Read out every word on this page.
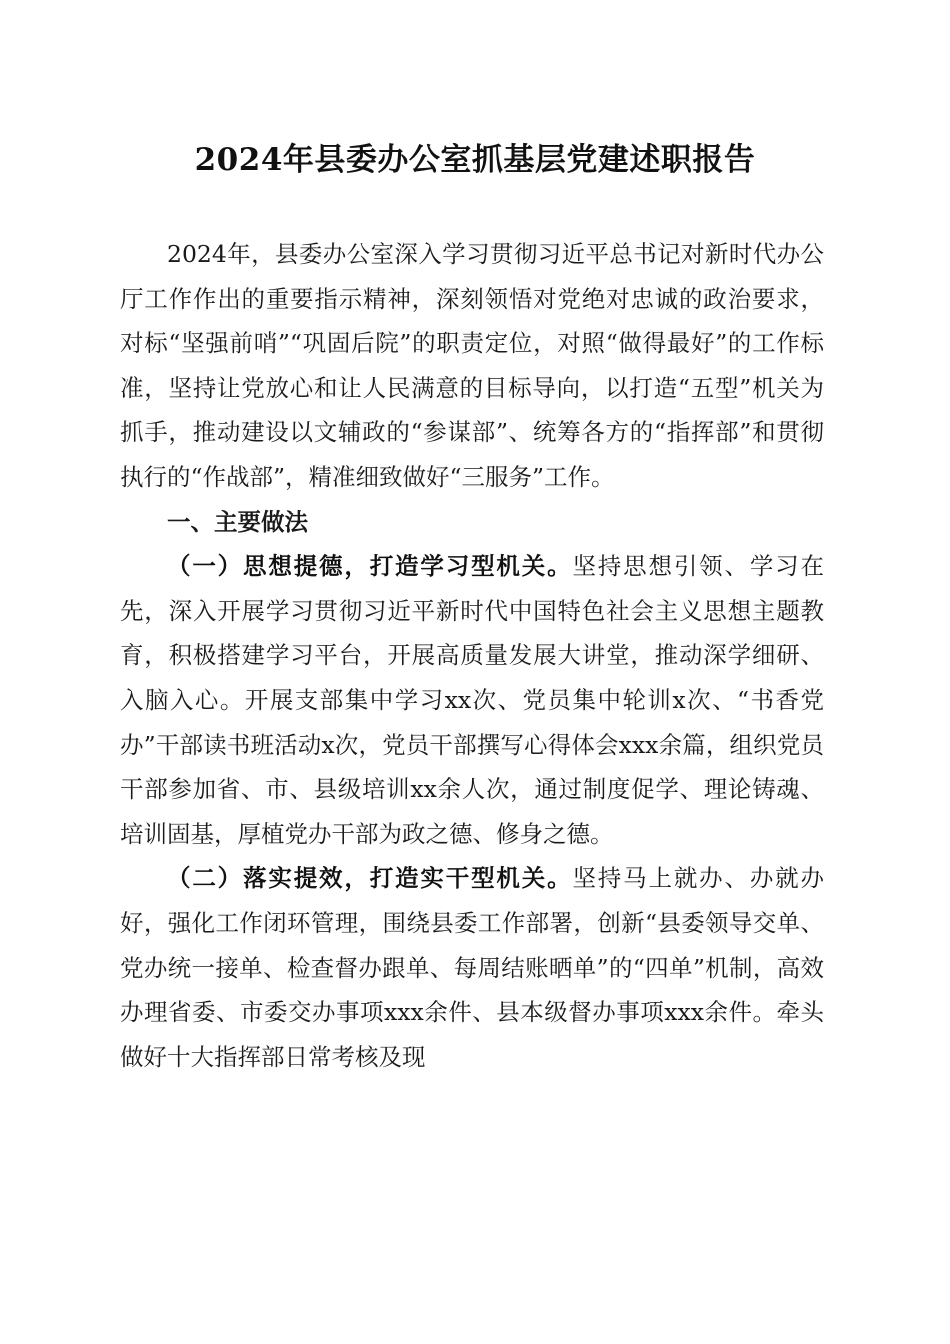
2024年县委办公室抓基层党建述职报告

2024年，县委办公室深入学习贯彻习近平总书记对新时代办公厅工作作出的重要指示精神，深刻领悟对党绝对忠诚的政治要求，对标“坚强前哨”“巩固后院”的职责定位，对照“做得最好”的工作标准，坚持让党放心和让人民满意的目标导向，以打造“五型”机关为抓手，推动建设以文辅政的“参谋部”、统筹各方的“指挥部”和贯彻执行的“作战部”，精准细致做好“三服务”工作。

一、主要做法

（一）思想提德，打造学习型机关。坚持思想引领、学习在先，深入开展学习贯彻习近平新时代中国特色社会主义思想主题教育，积极搭建学习平台，开展高质量发展大讲堂，推动深学细研、入脑入心。开展支部集中学习xx次、党员集中轮训x次、“书香党办”干部读书班活动x次，党员干部撰写心得体会xxx余篇，组织党员干部参加省、市、县级培训xx余人次，通过制度促学、理论铸魂、培训固基，厚植党办干部为政之德、修身之德。

（二）落实提效，打造实干型机关。坚持马上就办、办就办好，强化工作闭环管理，围绕县委工作部署，创新“县委领导交单、党办统一接单、检查督办跟单、每周结账晒单”的“四单”机制，高效办理省委、市委交办事项xxx余件、县本级督办事项xxx余件。牵头做好十大指挥部日常考核及现
